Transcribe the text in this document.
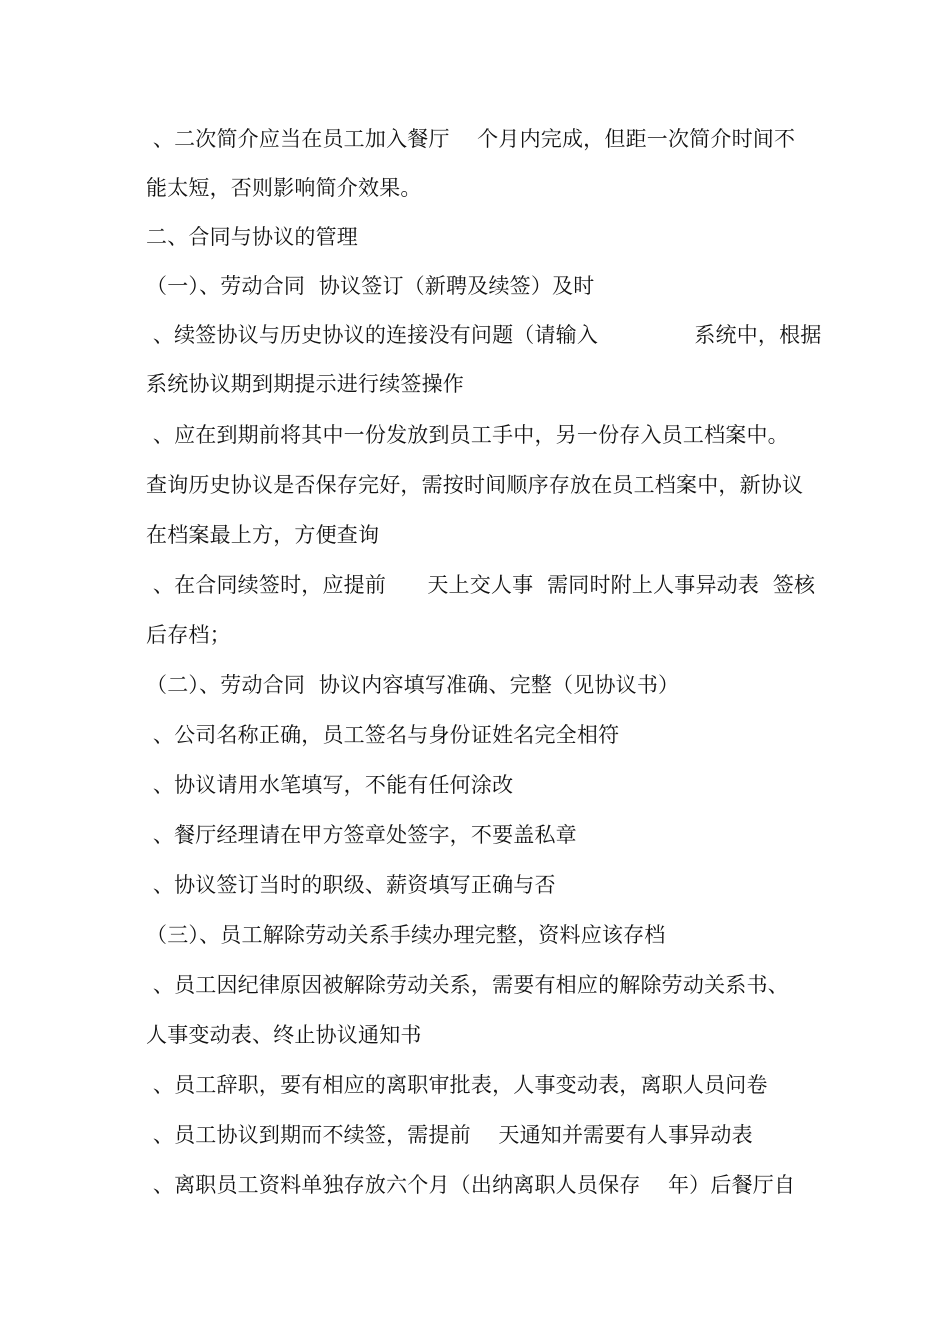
、二次简介应当在员工加入餐厅    个月内完成，但距一次简介时间不
能太短，否则影响简介效果。
二、合同与协议的管理
（一）、劳动合同  协议签订（新聘及续签）及时
、续签协议与历史协议的连接没有问题（请输入              系统中，根据
系统协议期到期提示进行续签操作
、应在到期前将其中一份发放到员工手中，另一份存入员工档案中。
查询历史协议是否保存完好，需按时间顺序存放在员工档案中，新协议
在档案最上方，方便查询
、在合同续签时，应提前      天上交人事  需同时附上人事异动表  签核
后存档；
（二）、劳动合同  协议内容填写准确、完整（见协议书）
、公司名称正确，员工签名与身份证姓名完全相符
、协议请用水笔填写，不能有任何涂改
、餐厅经理请在甲方签章处签字，不要盖私章
、协议签订当时的职级、薪资填写正确与否
（三）、员工解除劳动关系手续办理完整，资料应该存档
、员工因纪律原因被解除劳动关系，需要有相应的解除劳动关系书、
人事变动表、终止协议通知书
、员工辞职，要有相应的离职审批表，人事变动表，离职人员问卷
、员工协议到期而不续签，需提前    天通知并需要有人事异动表
、离职员工资料单独存放六个月（出纳离职人员保存    年）后餐厅自
